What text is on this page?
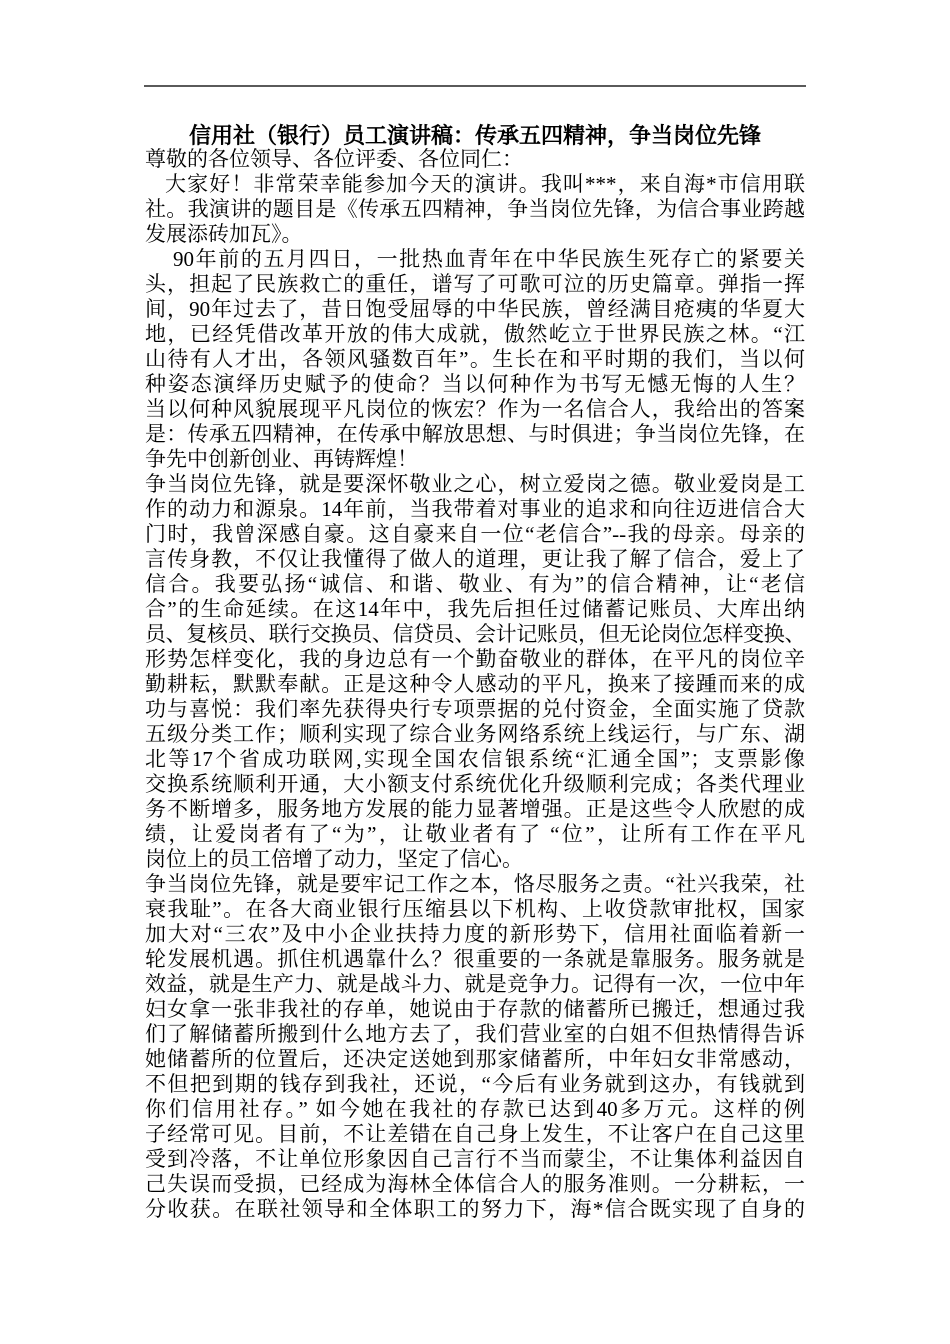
信用社（银行）员工演讲稿：传承五四精神，争当岗位先锋
尊敬的各位领导、各位评委、各位同仁：
大家好！非常荣幸能参加今天的演讲。我叫***，来自海*市信用联
社。我演讲的题目是《传承五四精神，争当岗位先锋，为信合事业跨越
发展添砖加瓦》。
90年前的五月四日，一批热血青年在中华民族生死存亡的紧要关
头，担起了民族救亡的重任，谱写了可歌可泣的历史篇章。弹指一挥
间，90年过去了，昔日饱受屈辱的中华民族，曾经满目疮痍的华夏大
地，已经凭借改革开放的伟大成就，傲然屹立于世界民族之林。“江
山待有人才出，各领风骚数百年”。生长在和平时期的我们，当以何
种姿态演绎历史赋予的使命？当以何种作为书写无憾无悔的人生？
当以何种风貌展现平凡岗位的恢宏？作为一名信合人，我给出的答案
是：传承五四精神，在传承中解放思想、与时俱进；争当岗位先锋，在
争先中创新创业、再铸辉煌！
争当岗位先锋，就是要深怀敬业之心，树立爱岗之德。敬业爱岗是工
作的动力和源泉。14年前，当我带着对事业的追求和向往迈进信合大
门时，我曾深感自豪。这自豪来自一位“老信合”--我的母亲。母亲的
言传身教，不仅让我懂得了做人的道理，更让我了解了信合，爱上了
信合。我要弘扬“诚信、和谐、敬业、有为”的信合精神，让“老信
合”的生命延续。在这14年中，我先后担任过储蓄记账员、大库出纳
员、复核员、联行交换员、信贷员、会计记账员，但无论岗位怎样变换、
形势怎样变化，我的身边总有一个勤奋敬业的群体，在平凡的岗位辛
勤耕耘，默默奉献。正是这种令人感动的平凡，换来了接踵而来的成
功与喜悦：我们率先获得央行专项票据的兑付资金，全面实施了贷款
五级分类工作；顺利实现了综合业务网络系统上线运行，与广东、湖
北等17个省成功联网,实现全国农信银系统“汇通全国”；支票影像
交换系统顺利开通，大小额支付系统优化升级顺利完成；各类代理业
务不断增多，服务地方发展的能力显著增强。正是这些令人欣慰的成
绩，让爱岗者有了“为”，让敬业者有了 “位”，让所有工作在平凡
岗位上的员工倍增了动力，坚定了信心。
争当岗位先锋，就是要牢记工作之本，恪尽服务之责。“社兴我荣，社
衰我耻”。在各大商业银行压缩县以下机构、上收贷款审批权，国家
加大对“三农”及中小企业扶持力度的新形势下，信用社面临着新一
轮发展机遇。抓住机遇靠什么？很重要的一条就是靠服务。服务就是
效益，就是生产力、就是战斗力、就是竞争力。记得有一次，一位中年
妇女拿一张非我社的存单，她说由于存款的储蓄所已搬迁，想通过我
们了解储蓄所搬到什么地方去了，我们营业室的白姐不但热情得告诉
她储蓄所的位置后，还决定送她到那家储蓄所，中年妇女非常感动，
不但把到期的钱存到我社，还说，“今后有业务就到这办，有钱就到
你们信用社存。” 如今她在我社的存款已达到40多万元。这样的例
子经常可见。目前，不让差错在自己身上发生，不让客户在自己这里
受到冷落，不让单位形象因自己言行不当而蒙尘，不让集体利益因自
己失误而受损，已经成为海林全体信合人的服务准则。一分耕耘，一
分收获。在联社领导和全体职工的努力下，海*信合既实现了自身的
